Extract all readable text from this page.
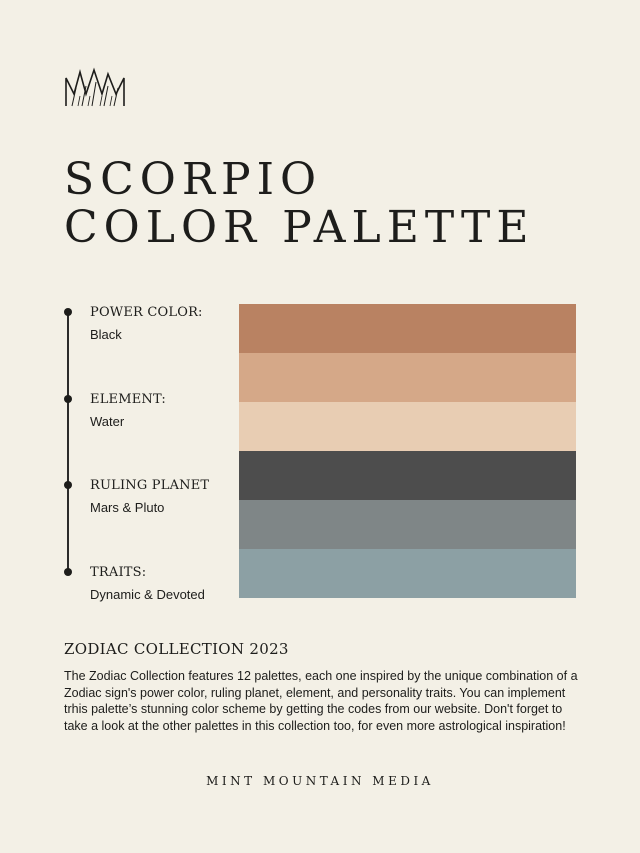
SCORPIO
COLOR PALETTE
POWER COLOR:
Black
ELEMENT:
Water
RULING PLANET
Mars & Pluto
TRAITS:
Dynamic & Devoted
ZODIAC COLLECTION 2023

The Zodiac Collection features 12 palettes, each one inspired by the unique combination of a Zodiac sign's power color, ruling planet, element, and personality traits. You can implement trhis palette’s stunning color scheme by getting the codes from our website. Don't forget to take a look at the other palettes in this collection too, for even more astrological inspiration!

MINT MOUNTAIN MEDIA
